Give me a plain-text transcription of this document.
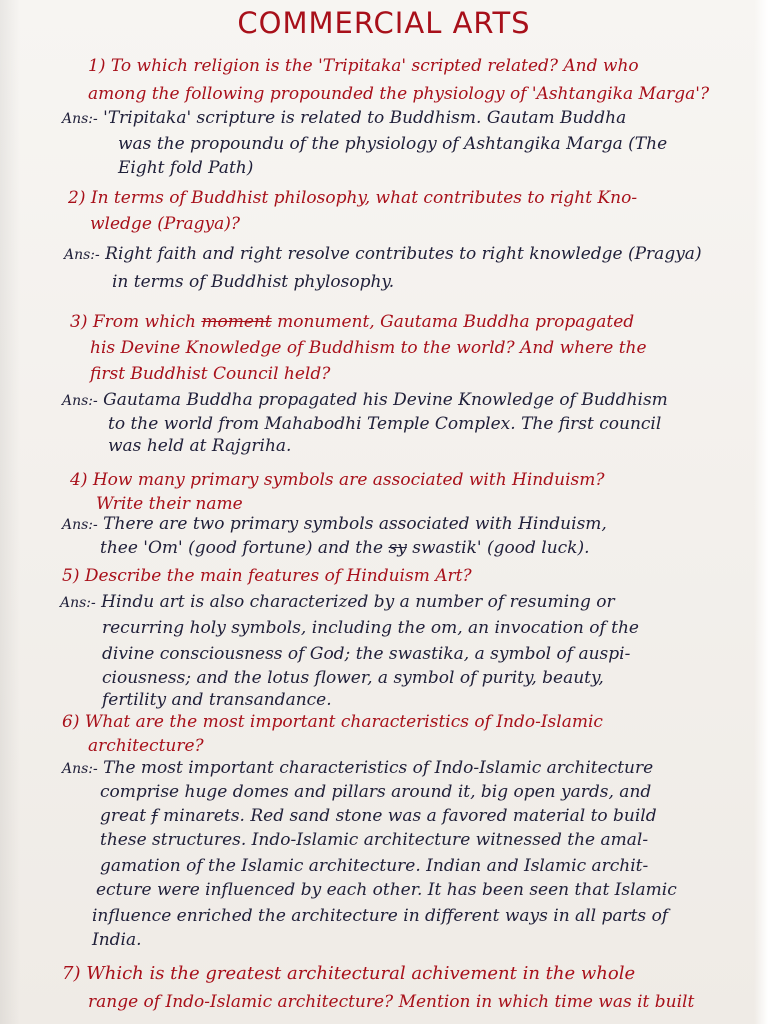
COMMERCIAL ARTS
1) To which religion is the 'Tripitaka' scripted related? And who
among the following propounded the physiology of 'Ashtangika Marga'?
Ans:- 'Tripitaka' scripture is related to Buddhism. Gautam Buddha
was the propoundu of the physiology of Ashtangika Marga (The
Eight fold Path)
2) In terms of Buddhist philosophy, what contributes to right Kno-
wledge (Pragya)?
Ans:- Right faith and right resolve contributes to right knowledge (Pragya)
in terms of Buddhist phylosophy.
3) From which moment monument, Gautama Buddha propagated
his Devine Knowledge of Buddhism to the world? And where the
first Buddhist Council held?
Ans:- Gautama Buddha propagated his Devine Knowledge of Buddhism
to the world from Mahabodhi Temple Complex. The first council
was held at Rajgriha.
4) How many primary symbols are associated with Hinduism?
Write their name
Ans:- There are two primary symbols associated with Hinduism,
thee 'Om' (good fortune) and the sy swastik' (good luck).
5) Describe the main features of Hinduism Art?
Ans:- Hindu art is also characterized by a number of resuming or
recurring holy symbols, including the om, an invocation of the
divine consciousness of God; the swastika, a symbol of auspi-
ciousness; and the lotus flower, a symbol of purity, beauty,
fertility and transandance.
6) What are the most important characteristics of Indo-Islamic
architecture?
Ans:- The most important characteristics of Indo-Islamic architecture
comprise huge domes and pillars around it, big open yards, and
great f minarets. Red sand stone was a favored material to build
these structures. Indo-Islamic architecture witnessed the amal-
gamation of the Islamic architecture. Indian and Islamic archit-
ecture were influenced by each other. It has been seen that Islamic
influence enriched the architecture in different ways in all parts of
India.
7) Which is the greatest architectural achivement in the whole
range of Indo-Islamic architecture? Mention in which time was it built
